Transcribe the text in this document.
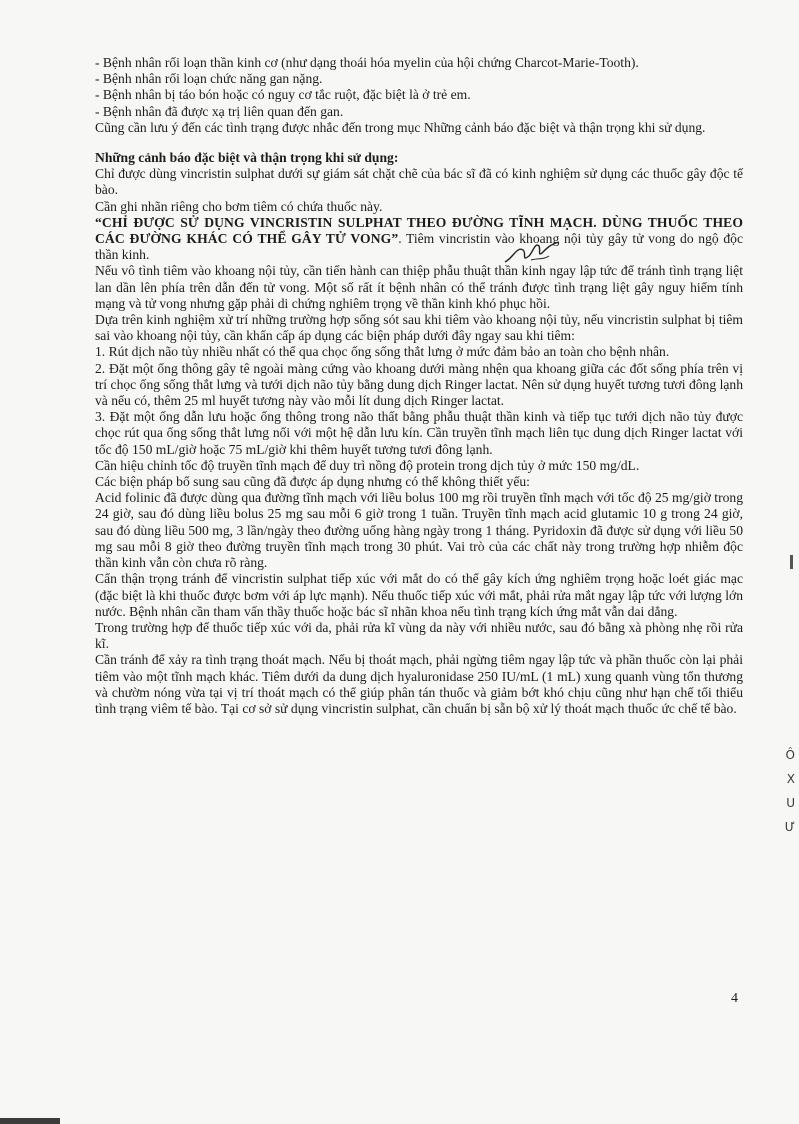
- Bệnh nhân rối loạn thần kinh cơ (như dạng thoái hóa myelin của hội chứng Charcot-Marie-Tooth).

- Bệnh nhân rối loạn chức năng gan nặng.

- Bệnh nhân bị táo bón hoặc có nguy cơ tắc ruột, đặc biệt là ở trẻ em.

- Bệnh nhân đã được xạ trị liên quan đến gan.

Cũng cần lưu ý đến các tình trạng được nhắc đến trong mục Những cảnh báo đặc biệt và thận trọng khi sử dụng.

Những cảnh báo đặc biệt và thận trọng khi sử dụng:

Chỉ được dùng vincristin sulphat dưới sự giám sát chặt chẽ của bác sĩ đã có kinh nghiệm sử dụng các thuốc gây độc tế bào.

Cần ghi nhãn riêng cho bơm tiêm có chứa thuốc này.

“CHỈ ĐƯỢC SỬ DỤNG VINCRISTIN SULPHAT THEO ĐƯỜNG TĨNH MẠCH. DÙNG THUỐC THEO CÁC ĐƯỜNG KHÁC CÓ THỂ GÂY TỬ VONG”. Tiêm vincristin vào khoang nội tủy gây tử vong do ngộ độc thần kinh.

Nếu vô tình tiêm vào khoang nội tủy, cần tiến hành can thiệp phẫu thuật thần kinh ngay lập tức để tránh tình trạng liệt lan dần lên phía trên dẫn đến tử vong. Một số rất ít bệnh nhân có thể tránh được tình trạng liệt gây nguy hiểm tính mạng và tử vong nhưng gặp phải di chứng nghiêm trọng về thần kinh khó phục hồi.

Dựa trên kinh nghiệm xử trí những trường hợp sống sót sau khi tiêm vào khoang nội tủy, nếu vincristin sulphat bị tiêm sai vào khoang nội tủy, cần khẩn cấp áp dụng các biện pháp dưới đây ngay sau khi tiêm:

1. Rút dịch não tủy nhiều nhất có thể qua chọc ống sống thắt lưng ở mức đảm bảo an toàn cho bệnh nhân.

2. Đặt một ống thông gây tê ngoài màng cứng vào khoang dưới màng nhện qua khoang giữa các đốt sống phía trên vị trí chọc ống sống thắt lưng và tưới dịch não tủy bằng dung dịch Ringer lactat. Nên sử dụng huyết tương tươi đông lạnh và nếu có, thêm 25 ml huyết tương này vào mỗi lít dung dịch Ringer lactat.

3. Đặt một ống dẫn lưu hoặc ống thông trong não thất bằng phẫu thuật thần kinh và tiếp tục tưới dịch não tủy được chọc rút qua ống sống thắt lưng nối với một hệ dẫn lưu kín. Cần truyền tĩnh mạch liên tục dung dịch Ringer lactat với tốc độ 150 mL/giờ hoặc 75 mL/giờ khi thêm huyết tương tươi đông lạnh.

Cần hiệu chỉnh tốc độ truyền tĩnh mạch để duy trì nồng độ protein trong dịch tủy ở mức 150 mg/dL.

Các biện pháp bổ sung sau cũng đã được áp dụng nhưng có thể không thiết yếu:

Acid folinic đã được dùng qua đường tĩnh mạch với liều bolus 100 mg rồi truyền tĩnh mạch với tốc độ 25 mg/giờ trong 24 giờ, sau đó dùng liều bolus 25 mg sau mỗi 6 giờ trong 1 tuần. Truyền tĩnh mạch acid glutamic 10 g trong 24 giờ, sau đó dùng liều 500 mg, 3 lần/ngày theo đường uống hàng ngày trong 1 tháng. Pyridoxin đã được sử dụng với liều 50 mg sau mỗi 8 giờ theo đường truyền tĩnh mạch trong 30 phút. Vai trò của các chất này trong trường hợp nhiễm độc thần kinh vẫn còn chưa rõ ràng.

Cẩn thận trọng tránh để vincristin sulphat tiếp xúc với mắt do có thể gây kích ứng nghiêm trọng hoặc loét giác mạc (đặc biệt là khi thuốc được bơm với áp lực mạnh). Nếu thuốc tiếp xúc với mắt, phải rửa mắt ngay lập tức với lượng lớn nước. Bệnh nhân cần tham vấn thầy thuốc hoặc bác sĩ nhãn khoa nếu tình trạng kích ứng mắt vẫn dai dẳng.

Trong trường hợp để thuốc tiếp xúc với da, phải rửa kĩ vùng da này với nhiều nước, sau đó bằng xà phòng nhẹ rồi rửa kĩ.

Cần tránh để xảy ra tình trạng thoát mạch. Nếu bị thoát mạch, phải ngừng tiêm ngay lập tức và phần thuốc còn lại phải tiêm vào một tĩnh mạch khác. Tiêm dưới da dung dịch hyaluronidase 250 IU/mL (1 mL) xung quanh vùng tổn thương và chườm nóng vừa tại vị trí thoát mạch có thể giúp phân tán thuốc và giảm bớt khó chịu cũng như hạn chế tối thiểu tình trạng viêm tế bào. Tại cơ sở sử dụng vincristin sulphat, cần chuẩn bị sẵn bộ xử lý thoát mạch thuốc ức chế tế bào.

4
Ô
X
U
Ư
